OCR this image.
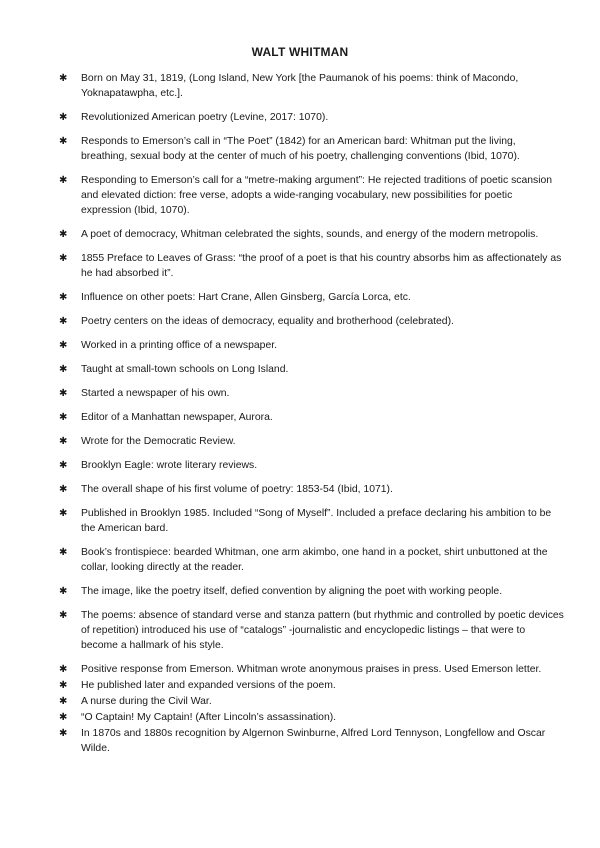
WALT WHITMAN
✱ Born on May 31, 1819, (Long Island, New York [the Paumanok of his poems: think of Macondo, Yoknapatawpha, etc.].
✱ Revolutionized American poetry (Levine, 2017: 1070).
✱ Responds to Emerson’s call in “The Poet” (1842) for an American bard: Whitman put the living, breathing, sexual body at the center of much of his poetry, challenging conventions (Ibid, 1070).
✱ Responding to Emerson’s call for a “metre-making argument”: He rejected traditions of poetic scansion and elevated diction: free verse, adopts a wide-ranging vocabulary, new possibilities for poetic expression (Ibid, 1070).
✱ A poet of democracy, Whitman celebrated the sights, sounds, and energy of the modern metropolis.
✱ 1855 Preface to Leaves of Grass: “the proof of a poet is that his country absorbs him as affectionately as he had absorbed it”.
✱ Influence on other poets: Hart Crane, Allen Ginsberg, García Lorca, etc.
✱ Poetry centers on the ideas of democracy, equality and brotherhood (celebrated).
✱ Worked in a printing office of a newspaper.
✱ Taught at small-town schools on Long Island.
✱ Started a newspaper of his own.
✱ Editor of a Manhattan newspaper, Aurora.
✱ Wrote for the Democratic Review.
✱ Brooklyn Eagle: wrote literary reviews.
✱ The overall shape of his first volume of poetry: 1853-54 (Ibid, 1071).
✱ Published in Brooklyn 1985. Included “Song of Myself”. Included a preface declaring his ambition to be the American bard.
✱ Book’s frontispiece: bearded Whitman, one arm akimbo, one hand in a pocket, shirt unbuttoned at the collar, looking directly at the reader.
✱ The image, like the poetry itself, defied convention by aligning the poet with working people.
✱ The poems: absence of standard verse and stanza pattern (but rhythmic and controlled by poetic devices of repetition) introduced his use of “catalogs” -journalistic and encyclopedic listings – that were to become a hallmark of his style.
✱ Positive response from Emerson. Whitman wrote anonymous praises in press. Used Emerson letter.
✱ He published later and expanded versions of the poem.
✱ A nurse during the Civil War.
✱ “O Captain! My Captain! (After Lincoln’s assassination).
✱ In 1870s and 1880s recognition by Algernon Swinburne, Alfred Lord Tennyson, Longfellow and Oscar Wilde.
